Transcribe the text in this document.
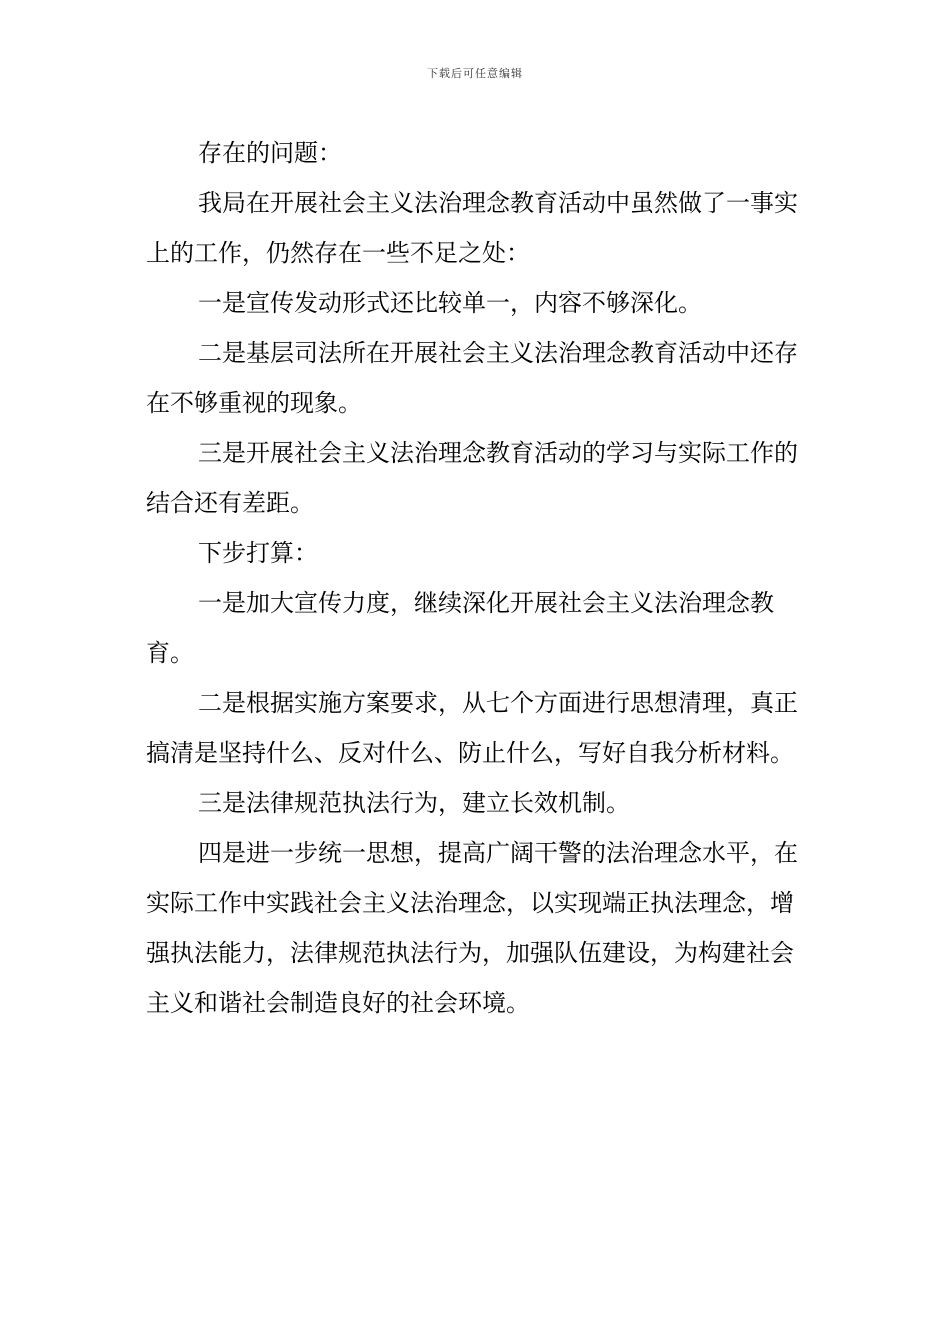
下载后可任意编辑

存在的问题：

我局在开展社会主义法治理念教育活动中虽然做了一事实上的工作，仍然存在一些不足之处：

一是宣传发动形式还比较单一，内容不够深化。

二是基层司法所在开展社会主义法治理念教育活动中还存在不够重视的现象。

三是开展社会主义法治理念教育活动的学习与实际工作的结合还有差距。

下步打算：

一是加大宣传力度，继续深化开展社会主义法治理念教育。

二是根据实施方案要求，从七个方面进行思想清理，真正搞清是坚持什么、反对什么、防止什么，写好自我分析材料。

三是法律规范执法行为，建立长效机制。

四是进一步统一思想，提高广阔干警的法治理念水平，在实际工作中实践社会主义法治理念，以实现端正执法理念，增强执法能力，法律规范执法行为，加强队伍建设，为构建社会主义和谐社会制造良好的社会环境。
